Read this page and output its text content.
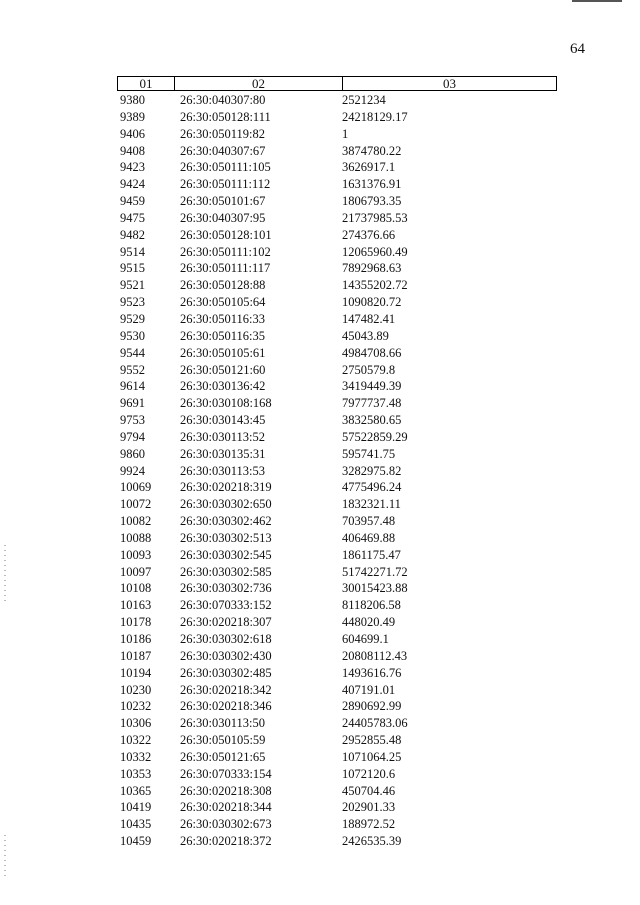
64
01	02	03
9380	26:30:040307:80	2521234
9389	26:30:050128:111	24218129.17
9406	26:30:050119:82	1
9408	26:30:040307:67	3874780.22
9423	26:30:050111:105	3626917.1
9424	26:30:050111:112	1631376.91
9459	26:30:050101:67	1806793.35
9475	26:30:040307:95	21737985.53
9482	26:30:050128:101	274376.66
9514	26:30:050111:102	12065960.49
9515	26:30:050111:117	7892968.63
9521	26:30:050128:88	14355202.72
9523	26:30:050105:64	1090820.72
9529	26:30:050116:33	147482.41
9530	26:30:050116:35	45043.89
9544	26:30:050105:61	4984708.66
9552	26:30:050121:60	2750579.8
9614	26:30:030136:42	3419449.39
9691	26:30:030108:168	7977737.48
9753	26:30:030143:45	3832580.65
9794	26:30:030113:52	57522859.29
9860	26:30:030135:31	595741.75
9924	26:30:030113:53	3282975.82
10069	26:30:020218:319	4775496.24
10072	26:30:030302:650	1832321.11
10082	26:30:030302:462	703957.48
10088	26:30:030302:513	406469.88
10093	26:30:030302:545	1861175.47
10097	26:30:030302:585	51742271.72
10108	26:30:030302:736	30015423.88
10163	26:30:070333:152	8118206.58
10178	26:30:020218:307	448020.49
10186	26:30:030302:618	604699.1
10187	26:30:030302:430	20808112.43
10194	26:30:030302:485	1493616.76
10230	26:30:020218:342	407191.01
10232	26:30:020218:346	2890692.99
10306	26:30:030113:50	24405783.06
10322	26:30:050105:59	2952855.48
10332	26:30:050121:65	1071064.25
10353	26:30:070333:154	1072120.6
10365	26:30:020218:308	450704.46
10419	26:30:020218:344	202901.33
10435	26:30:030302:673	188972.52
10459	26:30:020218:372	2426535.39
